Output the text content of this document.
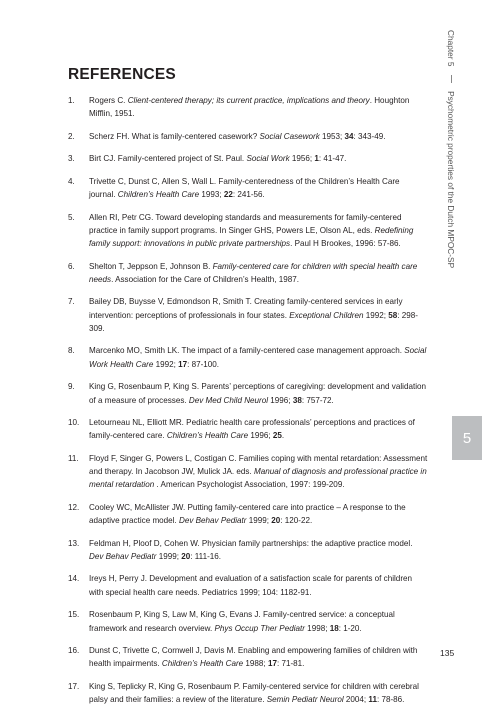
REFERENCES
1. Rogers C. Client-centered therapy; its current practice, implications and theory. Houghton Mifflin, 1951.
2. Scherz FH. What is family-centered casework? Social Casework 1953; 34: 343-49.
3. Birt CJ. Family-centered project of St. Paul. Social Work 1956; 1: 41-47.
4. Trivette C, Dunst C, Allen S, Wall L. Family-centeredness of the Children’s Health Care journal. Children’s Health Care 1993; 22: 241-56.
5. Allen RI, Petr CG. Toward developing standards and measurements for family-centered practice in family support programs. In Singer GHS, Powers LE, Olson AL, eds. Redefining family support: innovations in public private partnerships. Paul H Brookes, 1996: 57-86.
6. Shelton T, Jeppson E, Johnson B. Family-centered care for children with special health care needs. Association for the Care of Children’s Health, 1987.
7. Bailey DB, Buysse V, Edmondson R, Smith T. Creating family-centered services in early intervention: perceptions of professionals in four states. Exceptional Children 1992; 58: 298-309.
8. Marcenko MO, Smith LK. The impact of a family-centered case management approach. Social Work Health Care 1992; 17: 87-100.
9. King G, Rosenbaum P, King S. Parents’ perceptions of caregiving: development and validation of a measure of processes. Dev Med Child Neurol 1996; 38: 757-72.
10. Letourneau NL, Elliott MR. Pediatric health care professionals’ perceptions and practices of family-centered care. Children’s Health Care 1996; 25.
11. Floyd F, Singer G, Powers L, Costigan C. Families coping with mental retardation: Assessment and therapy. In Jacobson JW, Mulick JA. eds. Manual of diagnosis and professional practice in mental retardation . American Psychologist Association, 1997: 199-209.
12. Cooley WC, McAllister JW. Putting family-centered care into practice – A response to the adaptive practice model. Dev Behav Pediatr 1999; 20: 120-22.
13. Feldman H, Ploof D, Cohen W. Physician family partnerships: the adaptive practice model. Dev Behav Pediatr 1999; 20: 111-16.
14. Ireys H, Perry J. Development and evaluation of a satisfaction scale for parents of children with special health care needs. Pediatrics 1999; 104: 1182-91.
15. Rosenbaum P, King S, Law M, King G, Evans J. Family-centred service: a conceptual framework and research overview. Phys Occup Ther Pediatr 1998; 18: 1-20.
16. Dunst C, Trivette C, Cornwell J, Davis M. Enabling and empowering families of children with health impairments. Children’s Health Care 1988; 17: 71-81.
17. King S, Teplicky R, King G, Rosenbaum P. Family-centered service for children with cerebral palsy and their families: a review of the literature. Semin Pediatr Neurol 2004; 11: 78-86.
Chapter 5  Psychometric properties of the Dutch MPOC-SP
5
135
